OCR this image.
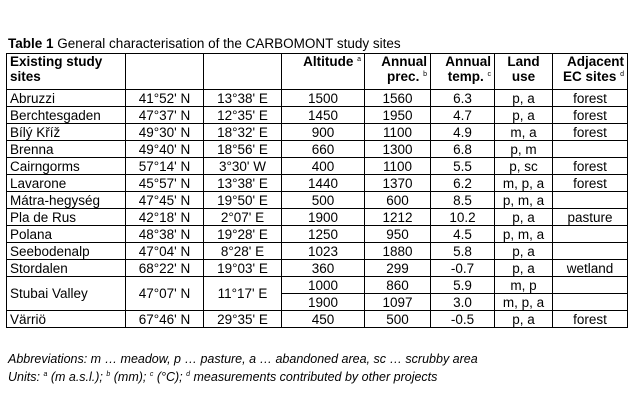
Table 1 General characterisation of the CARBOMONT study sites
Existing study sites			Altitude $^a$	Annual prec. $^b$	Annual temp. $^c$	Land use	Adjacent EC sites $^d$
Abruzzi	41°52' N	13°38' E	1500	1560	6.3	p, a	forest
Berchtesgaden	47°37' N	12°35' E	1450	1950	4.7	p, a	forest
Bílý Kříž	49°30' N	18°32' E	900	1100	4.9	m, a	forest
Brenna	49°40' N	18°56' E	660	1300	6.8	p, m	
Cairngorms	57°14' N	3°30' W	400	1100	5.5	p, sc	forest
Lavarone	45°57' N	13°38' E	1440	1370	6.2	m, p, a	forest
Mátra-hegység	47°45' N	19°50' E	500	600	8.5	p, m, a	
Pla de Rus	42°18' N	2°07' E	1900	1212	10.2	p, a	pasture
Polana	48°38' N	19°28' E	1250	950	4.5	p, m, a	
Seebodenalp	47°04' N	8°28' E	1023	1880	5.8	p, a	
Stordalen	68°22' N	19°03' E	360	299	-0.7	p, a	wetland
Stubai Valley	47°07' N	11°17' E	1000	860	5.9	m, p	
			1900	1097	3.0	m, p, a	
Värriö	67°46' N	29°35' E	450	500	-0.5	p, a	forest
Abbreviations: m … meadow, p … pasture, a … abandoned area, sc … scrubby area
Units: $^a$ (m a.s.l.); $^b$ (mm); $^c$ (°C); $^d$ measurements contributed by other projects
